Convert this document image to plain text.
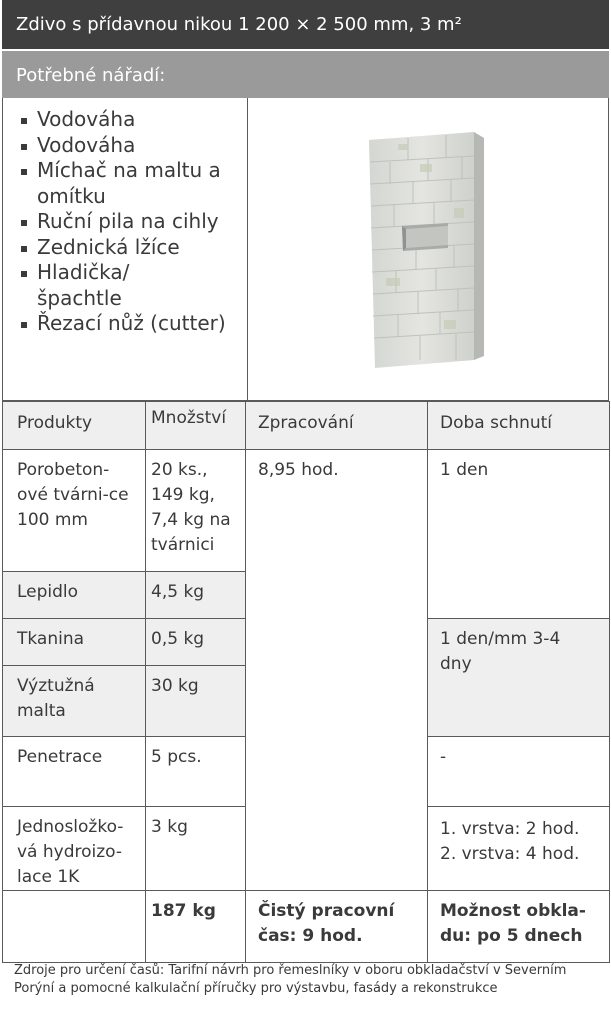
Zdivo s přídavnou nikou 1 200 × 2 500 mm, 3 m²
Potřebné nářadí:
Vodováha
Vodováha
Míchač na maltu a omítku
Ruční pila na cihly
Zednická lžíce
Hladička/ špachtle
Řezací nůž (cutter)
Produkty	Množství	Zpracování	Doba schnutí
Porobeton-ové tvárni-ce 100 mm	20 ks., 149 kg, 7,4 kg na tvárnici	8,95 hod.	1 den
Lepidlo	4,5 kg		
Tkanina	0,5 kg		1 den/mm 3-4 dny
Výztužná malta	30 kg		
Penetrace	5 pcs.		-
Jednosložko-vá hydroizo-lace 1K	3 kg		1. vrstva: 2 hod. 2. vrstva: 4 hod.
	187 kg	Čistý pracovní čas: 9 hod.	Možnost obkla-du: po 5 dnech
Zdroje pro určení časů: Tarifní návrh pro řemeslníky v oboru obkladačství v Severním Porýní a pomocné kalkulační příručky pro výstavbu, fasády a rekonstrukce
